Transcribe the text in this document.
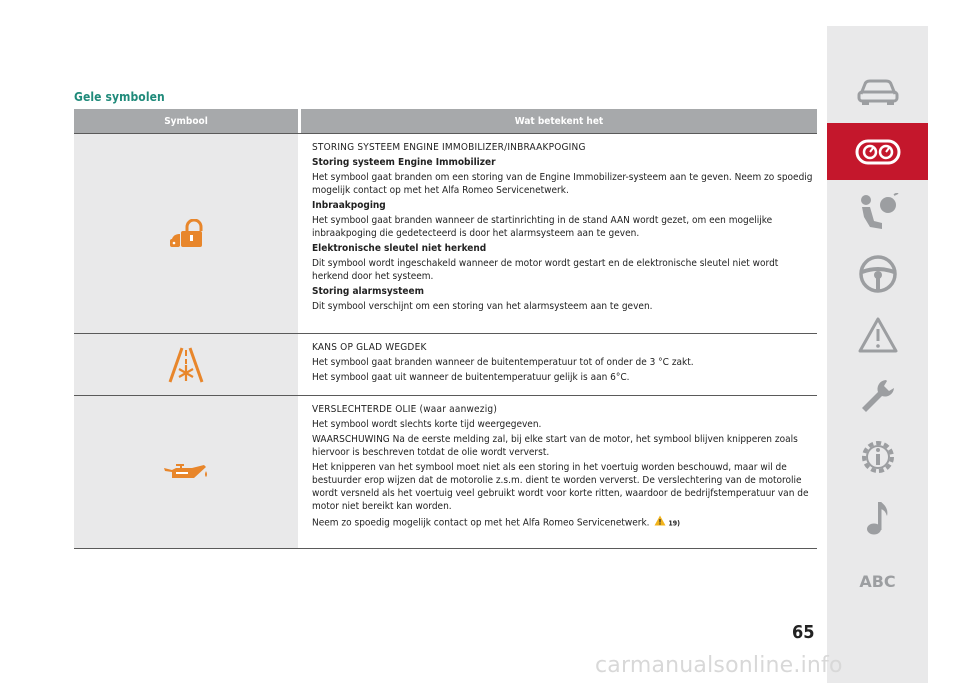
Gele symbolen
Symbool	Wat betekent het

STORING SYSTEEM ENGINE IMMOBILIZER/INBRAAKPOGING

Storing systeem Engine Immobilizer

Het symbool gaat branden om een storing van de Engine Immobilizer-systeem aan te geven. Neem zo spoedig mogelijk contact op met het Alfa Romeo Servicenetwerk.

Inbraakpoging

Het symbool gaat branden wanneer de startinrichting in de stand AAN wordt gezet, om een mogelijke inbraakpoging die gedetecteerd is door het alarmsysteem aan te geven.

Elektronische sleutel niet herkend

Dit symbool wordt ingeschakeld wanneer de motor wordt gestart en de elektronische sleutel niet wordt herkend door het systeem.

Storing alarmsysteem

Dit symbool verschijnt om een storing van het alarmsysteem aan te geven.

KANS OP GLAD WEGDEK

Het symbool gaat branden wanneer de buitentemperatuur tot of onder de 3 °C zakt.

Het symbool gaat uit wanneer de buitentemperatuur gelijk is aan 6°C.

VERSLECHTERDE OLIE (waar aanwezig)

Het symbool wordt slechts korte tijd weergegeven.

WAARSCHUWING Na de eerste melding zal, bij elke start van de motor, het symbool blijven knipperen zoals hiervoor is beschreven totdat de olie wordt ververst.

Het knipperen van het symbool moet niet als een storing in het voertuig worden beschouwd, maar wil de bestuurder erop wijzen dat de motorolie z.s.m. dient te worden ververst. De verslechtering van de motorolie wordt versneld als het voertuig veel gebruikt wordt voor korte ritten, waardoor de bedrijfstemperatuur van de motor niet bereikt kan worden.

Neem zo spoedig mogelijk contact op met het Alfa Romeo Servicenetwerk.	19)

ABC
65
carmanualsonline.info
